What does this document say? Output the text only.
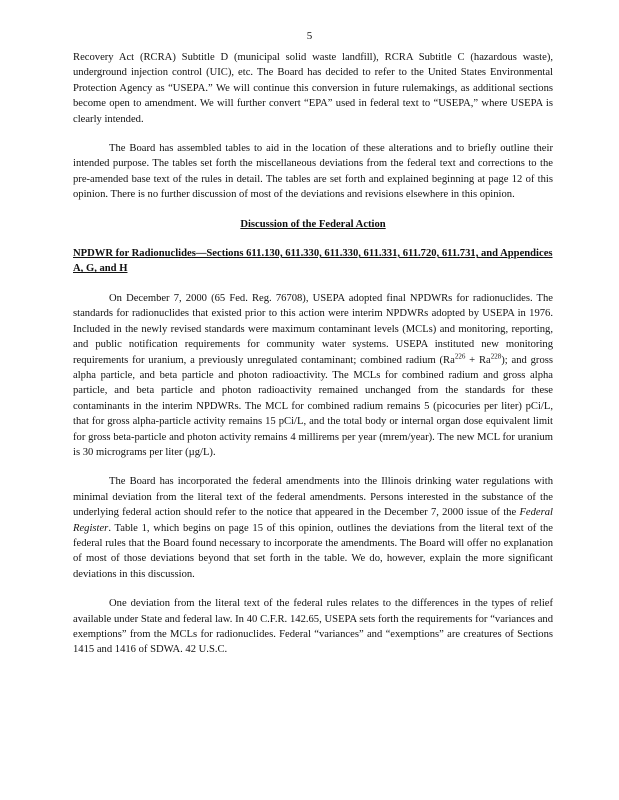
5

Recovery Act (RCRA) Subtitle D (municipal solid waste landfill), RCRA Subtitle C (hazardous waste), underground injection control (UIC), etc. The Board has decided to refer to the United States Environmental Protection Agency as “USEPA.” We will continue this conversion in future rulemakings, as additional sections become open to amendment. We will further convert “EPA” used in federal text to “USEPA,” where USEPA is clearly intended.

The Board has assembled tables to aid in the location of these alterations and to briefly outline their intended purpose. The tables set forth the miscellaneous deviations from the federal text and corrections to the pre-amended base text of the rules in detail. The tables are set forth and explained beginning at page 12 of this opinion. There is no further discussion of most of the deviations and revisions elsewhere in this opinion.

Discussion of the Federal Action
NPDWR for Radionuclides—Sections 611.130, 611.330, 611.330, 611.331, 611.720, 611.731, and Appendices A, G, and H

On December 7, 2000 (65 Fed. Reg. 76708), USEPA adopted final NPDWRs for radionuclides. The standards for radionuclides that existed prior to this action were interim NPDWRs adopted by USEPA in 1976. Included in the newly revised standards were maximum contaminant levels (MCLs) and monitoring, reporting, and public notification requirements for community water systems. USEPA instituted new monitoring requirements for uranium, a previously unregulated contaminant; combined radium $(Ra^{226} + Ra^{228})$; and gross alpha particle, and beta particle and photon radioactivity. The MCLs for combined radium and gross alpha particle, and beta particle and photon radioactivity remained unchanged from the standards for these contaminants in the interim NPDWRs. The MCL for combined radium remains 5 (picocuries per liter) pCi/L, that for gross alpha-particle activity remains 15 pCi/L, and the total body or internal organ dose equivalent limit for gross beta-particle and photon activity remains 4 millirems per year (mrem/year). The new MCL for uranium is 30 micrograms per liter (µg/L).

The Board has incorporated the federal amendments into the Illinois drinking water regulations with minimal deviation from the literal text of the federal amendments. Persons interested in the substance of the underlying federal action should refer to the notice that appeared in the December 7, 2000 issue of the Federal Register. Table 1, which begins on page 15 of this opinion, outlines the deviations from the literal text of the federal rules that the Board found necessary to incorporate the amendments. The Board will offer no explanation of most of those deviations beyond that set forth in the table. We do, however, explain the more significant deviations in this discussion.

One deviation from the literal text of the federal rules relates to the differences in the types of relief available under State and federal law. In 40 C.F.R. 142.65, USEPA sets forth the requirements for “variances and exemptions” from the MCLs for radionuclides. Federal “variances” and “exemptions” are creatures of Sections 1415 and 1416 of SDWA. 42 U.S.C.
